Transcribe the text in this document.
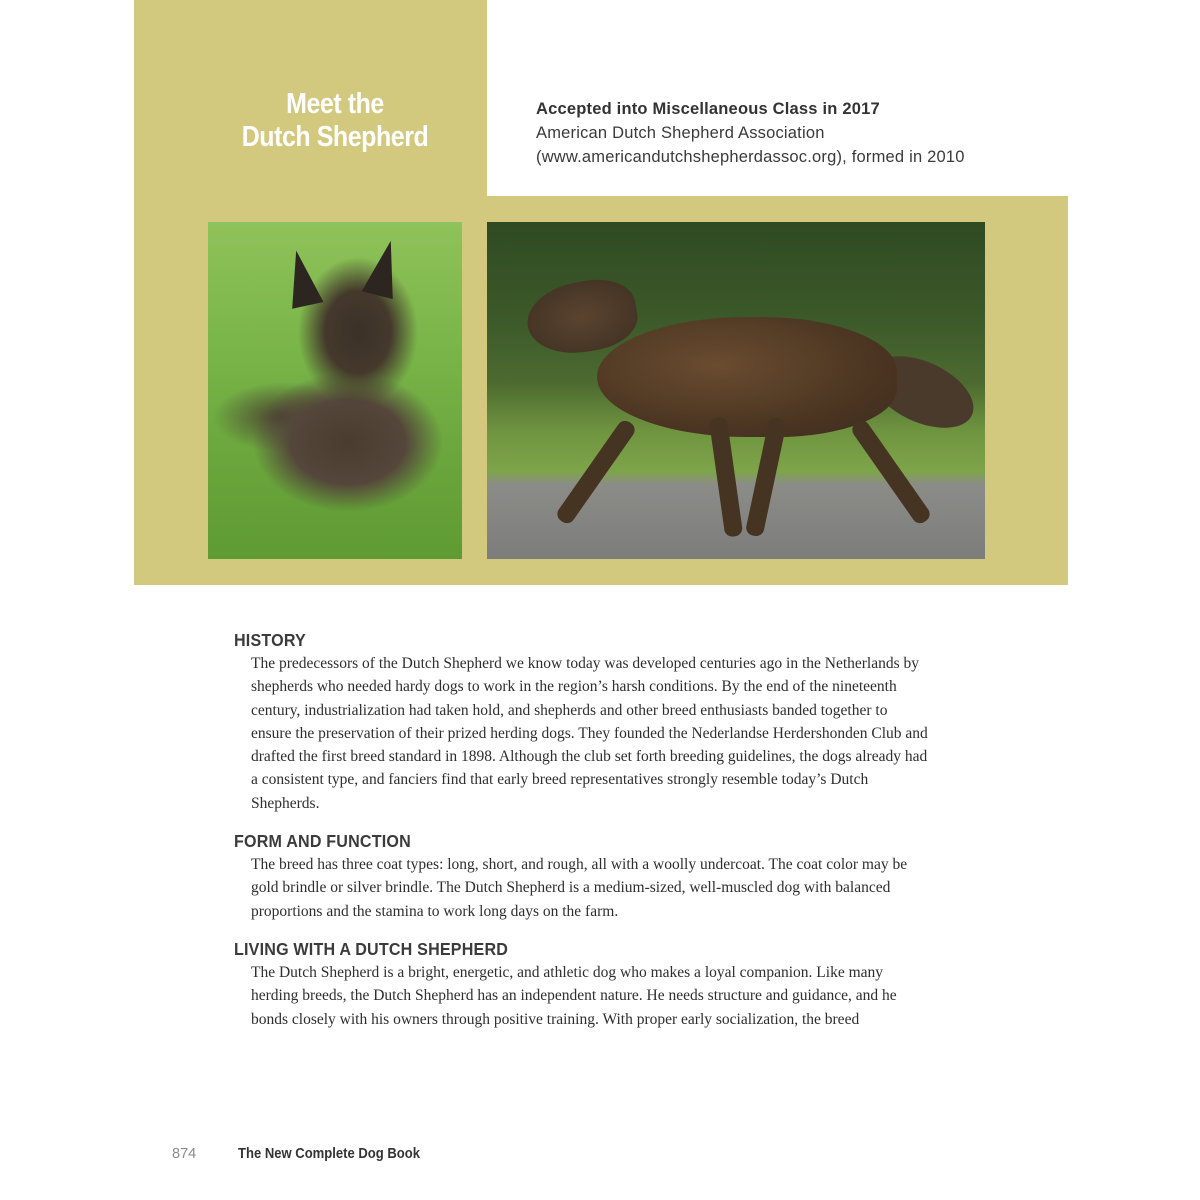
Meet the
Dutch Shepherd
Accepted into Miscellaneous Class in 2017
American Dutch Shepherd Association
(www.americandutchshepherdassoc.org), formed in 2010
HISTORY

The predecessors of the Dutch Shepherd we know today was developed centuries ago in the Netherlands by shepherds who needed hardy dogs to work in the region’s harsh conditions. By the end of the nineteenth century, industrialization had taken hold, and shepherds and other breed enthusiasts banded together to ensure the preservation of their prized herding dogs. They founded the Nederlandse Herdershonden Club and drafted the first breed standard in 1898. Although the club set forth breeding guidelines, the dogs already had a consistent type, and fanciers find that early breed representatives strongly resemble today’s Dutch Shepherds.

FORM AND FUNCTION

The breed has three coat types: long, short, and rough, all with a woolly undercoat. The coat color may be gold brindle or silver brindle. The Dutch Shepherd is a medium-sized, well-muscled dog with balanced proportions and the stamina to work long days on the farm.

LIVING WITH A DUTCH SHEPHERD

The Dutch Shepherd is a bright, energetic, and athletic dog who makes a loyal companion. Like many herding breeds, the Dutch Shepherd has an independent nature. He needs structure and guidance, and he bonds closely with his owners through positive training. With proper early socialization, the breed

874	The New Complete Dog Book
